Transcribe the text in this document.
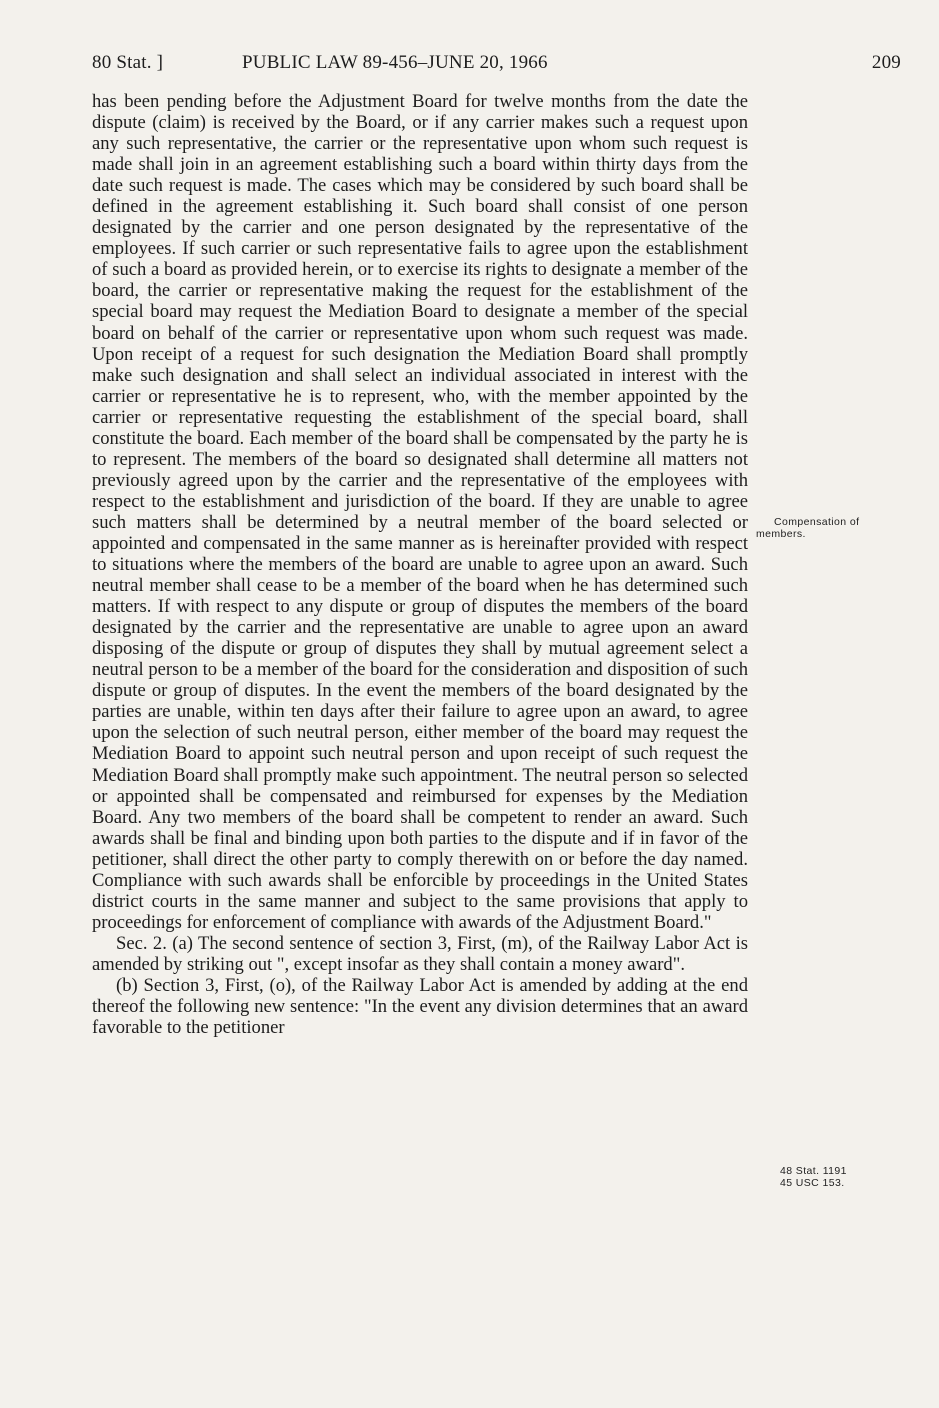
80 Stat. ]	PUBLIC LAW 89-456–JUNE 20, 1966	209

has been pending before the Adjustment Board for twelve months from the date the dispute (claim) is received by the Board, or if any carrier makes such a request upon any such representative, the carrier or the representative upon whom such request is made shall join in an agreement establishing such a board within thirty days from the date such request is made. The cases which may be considered by such board shall be defined in the agreement establishing it. Such board shall consist of one person designated by the carrier and one person designated by the representative of the employees. If such carrier or such representative fails to agree upon the establishment of such a board as provided herein, or to exercise its rights to designate a member of the board, the carrier or representative making the request for the establishment of the special board may request the Mediation Board to designate a member of the special board on behalf of the carrier or representative upon whom such request was made. Upon receipt of a request for such designation the Mediation Board shall promptly make such designation and shall select an individual associated in interest with the carrier or representative he is to represent, who, with the member appointed by the carrier or representative requesting the establishment of the special board, shall constitute the board. Each member of the board shall be compensated by the party he is to represent. The members of the board so designated shall determine all matters not previously agreed upon by the carrier and the representative of the employees with respect to the establishment and jurisdiction of the board. If they are unable to agree such matters shall be determined by a neutral member of the board selected or appointed and compensated in the same manner as is hereinafter provided with respect to situations where the members of the board are unable to agree upon an award. Such neutral member shall cease to be a member of the board when he has determined such matters. If with respect to any dispute or group of disputes the members of the board designated by the carrier and the representative are unable to agree upon an award disposing of the dispute or group of disputes they shall by mutual agreement select a neutral person to be a member of the board for the consideration and disposition of such dispute or group of disputes. In the event the members of the board designated by the parties are unable, within ten days after their failure to agree upon an award, to agree upon the selection of such neutral person, either member of the board may request the Mediation Board to appoint such neutral person and upon receipt of such request the Mediation Board shall promptly make such appointment. The neutral person so selected or appointed shall be compensated and reimbursed for expenses by the Mediation Board. Any two members of the board shall be competent to render an award. Such awards shall be final and binding upon both parties to the dispute and if in favor of the petitioner, shall direct the other party to comply therewith on or before the day named. Compliance with such awards shall be enforcible by proceedings in the United States district courts in the same manner and subject to the same provisions that apply to proceedings for enforcement of compliance with awards of the Adjustment Board."

Sec. 2. (a) The second sentence of section 3, First, (m), of the Railway Labor Act is amended by striking out ", except insofar as they shall contain a money award".

(b) Section 3, First, (o), of the Railway Labor Act is amended by adding at the end thereof the following new sentence: "In the event any division determines that an award favorable to the petitioner

Compensation of
members.
48 Stat. 1191
45 USC 153.
